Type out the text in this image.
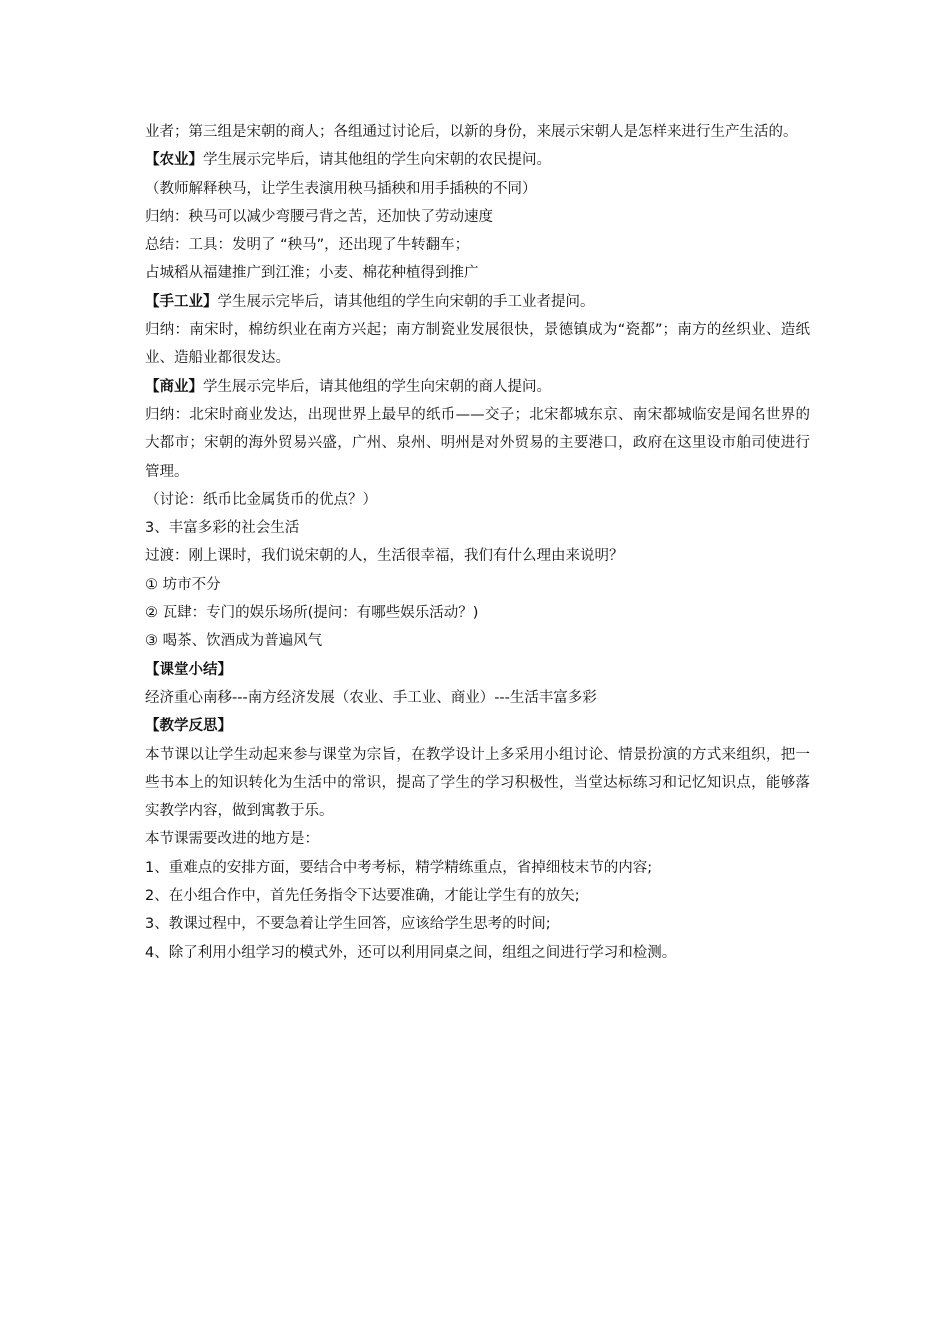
业者；第三组是宋朝的商人；各组通过讨论后，以新的身份，来展示宋朝人是怎样来进行生产生活的。

【农业】学生展示完毕后，请其他组的学生向宋朝的农民提问。

（教师解释秧马，让学生表演用秧马插秧和用手插秧的不同）

归纳：秧马可以减少弯腰弓背之苦，还加快了劳动速度

总结：工具：发明了 “秧马”，还出现了牛转翻车；

占城稻从福建推广到江淮；小麦、棉花种植得到推广

【手工业】学生展示完毕后，请其他组的学生向宋朝的手工业者提问。

归纳：南宋时，棉纺织业在南方兴起；南方制瓷业发展很快，景德镇成为“瓷都”；南方的丝织业、造纸业、造船业都很发达。

【商业】学生展示完毕后，请其他组的学生向宋朝的商人提问。

归纳：北宋时商业发达，出现世界上最早的纸币——交子；北宋都城东京、南宋都城临安是闻名世界的大都市；宋朝的海外贸易兴盛，广州、泉州、明州是对外贸易的主要港口，政府在这里设市舶司使进行管理。

（讨论：纸币比金属货币的优点？）

3、丰富多彩的社会生活

过渡：刚上课时，我们说宋朝的人，生活很幸福，我们有什么理由来说明？

① 坊市不分

② 瓦肆：专门的娱乐场所(提问：有哪些娱乐活动？)

③ 喝茶、饮酒成为普遍风气

【课堂小结】

经济重心南移---南方经济发展（农业、手工业、商业）---生活丰富多彩

【教学反思】

本节课以让学生动起来参与课堂为宗旨，在教学设计上多采用小组讨论、情景扮演的方式来组织，把一些书本上的知识转化为生活中的常识，提高了学生的学习积极性，当堂达标练习和记忆知识点，能够落实教学内容，做到寓教于乐。

本节课需要改进的地方是：

1、重难点的安排方面，要结合中考考标，精学精练重点，省掉细枝末节的内容;

2、在小组合作中，首先任务指令下达要准确，才能让学生有的放矢;

3、教课过程中，不要急着让学生回答，应该给学生思考的时间;

4、除了利用小组学习的模式外，还可以利用同桌之间，组组之间进行学习和检测。
